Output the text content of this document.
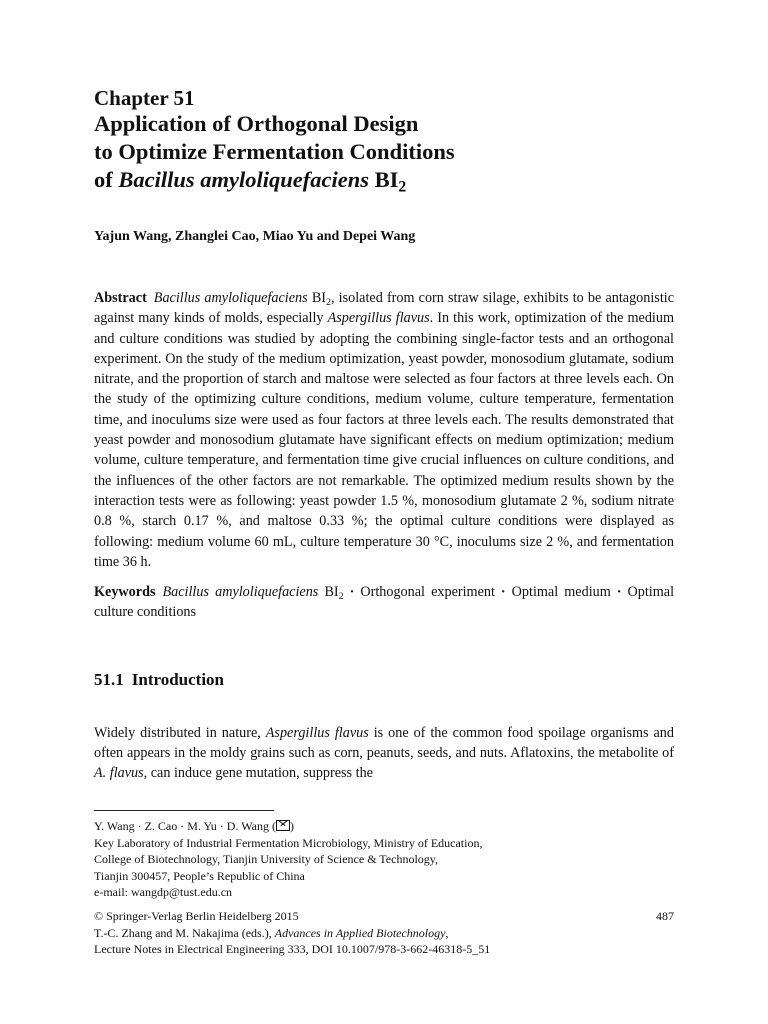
Chapter 51
Application of Orthogonal Design
to Optimize Fermentation Conditions
of Bacillus amyloliquefaciens $BI_2$
Yajun Wang, Zhanglei Cao, Miao Yu and Depei Wang
Abstract Bacillus amyloliquefaciens $BI_2$, isolated from corn straw silage, exhibits to be antagonistic against many kinds of molds, especially Aspergillus flavus. In this work, optimization of the medium and culture conditions was studied by adopting the combining single-factor tests and an orthogonal experiment. On the study of the medium optimization, yeast powder, monosodium glutamate, sodium nitrate, and the proportion of starch and maltose were selected as four factors at three levels each. On the study of the optimizing culture conditions, medium volume, culture temperature, fermentation time, and inoculums size were used as four factors at three levels each. The results demonstrated that yeast powder and monosodium glutamate have significant effects on medium optimization; medium volume, culture temperature, and fermentation time give crucial influences on culture conditions, and the influences of the other factors are not remarkable. The optimized medium results shown by the interaction tests were as following: yeast powder 1.5 %, monosodium glutamate 2 %, sodium nitrate 0.8 %, starch 0.17 %, and maltose 0.33 %; the optimal culture conditions were displayed as following: medium volume 60 mL, culture temperature 30 °C, inoculums size 2 %, and fermentation time 36 h.
Keywords Bacillus amyloliquefaciens $BI_2$ · Orthogonal experiment · Optimal medium · Optimal culture conditions
51.1 Introduction

Widely distributed in nature, Aspergillus flavus is one of the common food spoilage organisms and often appears in the moldy grains such as corn, peanuts, seeds, and nuts. Aflatoxins, the metabolite of A. flavus, can induce gene mutation, suppress the

Y. Wang · Z. Cao · M. Yu · D. Wang ( )
Key Laboratory of Industrial Fermentation Microbiology, Ministry of Education,
College of Biotechnology, Tianjin University of Science & Technology,
Tianjin 300457, People’s Republic of China
e-mail: wangdp@tust.edu.cn
© Springer-Verlag Berlin Heidelberg 2015	487
T.-C. Zhang and M. Nakajima (eds.), Advances in Applied Biotechnology,
Lecture Notes in Electrical Engineering 333, DOI 10.1007/978-3-662-46318-5_51
